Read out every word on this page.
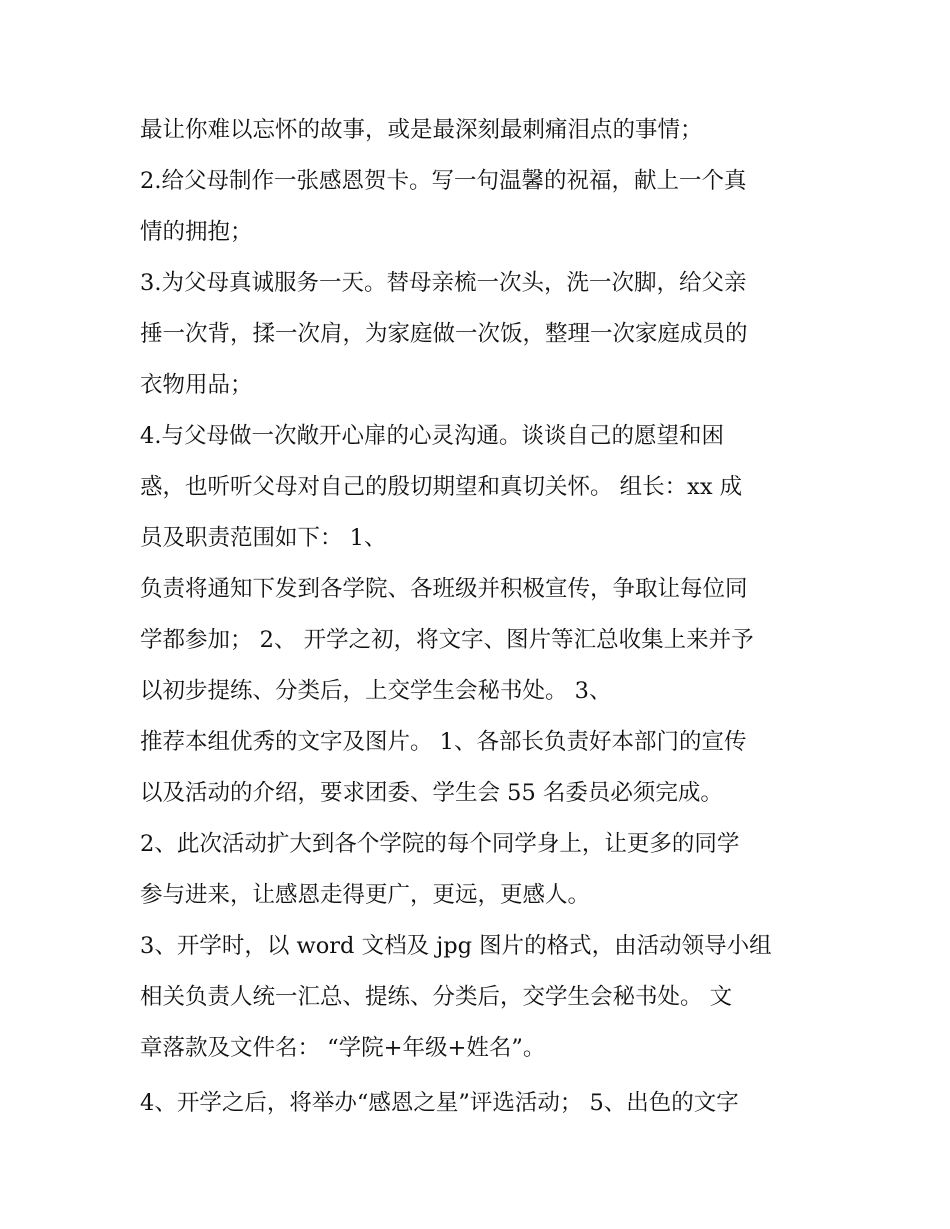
最让你难以忘怀的故事，或是最深刻最刺痛泪点的事情；
2.给父母制作一张感恩贺卡。写一句温馨的祝福，献上一个真
情的拥抱；
3.为父母真诚服务一天。替母亲梳一次头，洗一次脚，给父亲
捶一次背，揉一次肩，为家庭做一次饭，整理一次家庭成员的
衣物用品；
4.与父母做一次敞开心扉的心灵沟通。谈谈自己的愿望和困
惑，也听听父母对自己的殷切期望和真切关怀。 组长：xx 成
员及职责范围如下： 1、
负责将通知下发到各学院、各班级并积极宣传，争取让每位同
学都参加； 2、 开学之初，将文字、图片等汇总收集上来并予
以初步提练、分类后，上交学生会秘书处。 3、
推荐本组优秀的文字及图片。 1、各部长负责好本部门的宣传
以及活动的介绍，要求团委、学生会 55 名委员必须完成。
2、此次活动扩大到各个学院的每个同学身上，让更多的同学
参与进来，让感恩走得更广，更远，更感人。
3、开学时，以 word 文档及 jpg 图片的格式，由活动领导小组
相关负责人统一汇总、提练、分类后，交学生会秘书处。 文
章落款及文件名： “学院+年级+姓名”。
4、开学之后，将举办“感恩之星”评选活动； 5、出色的文字
